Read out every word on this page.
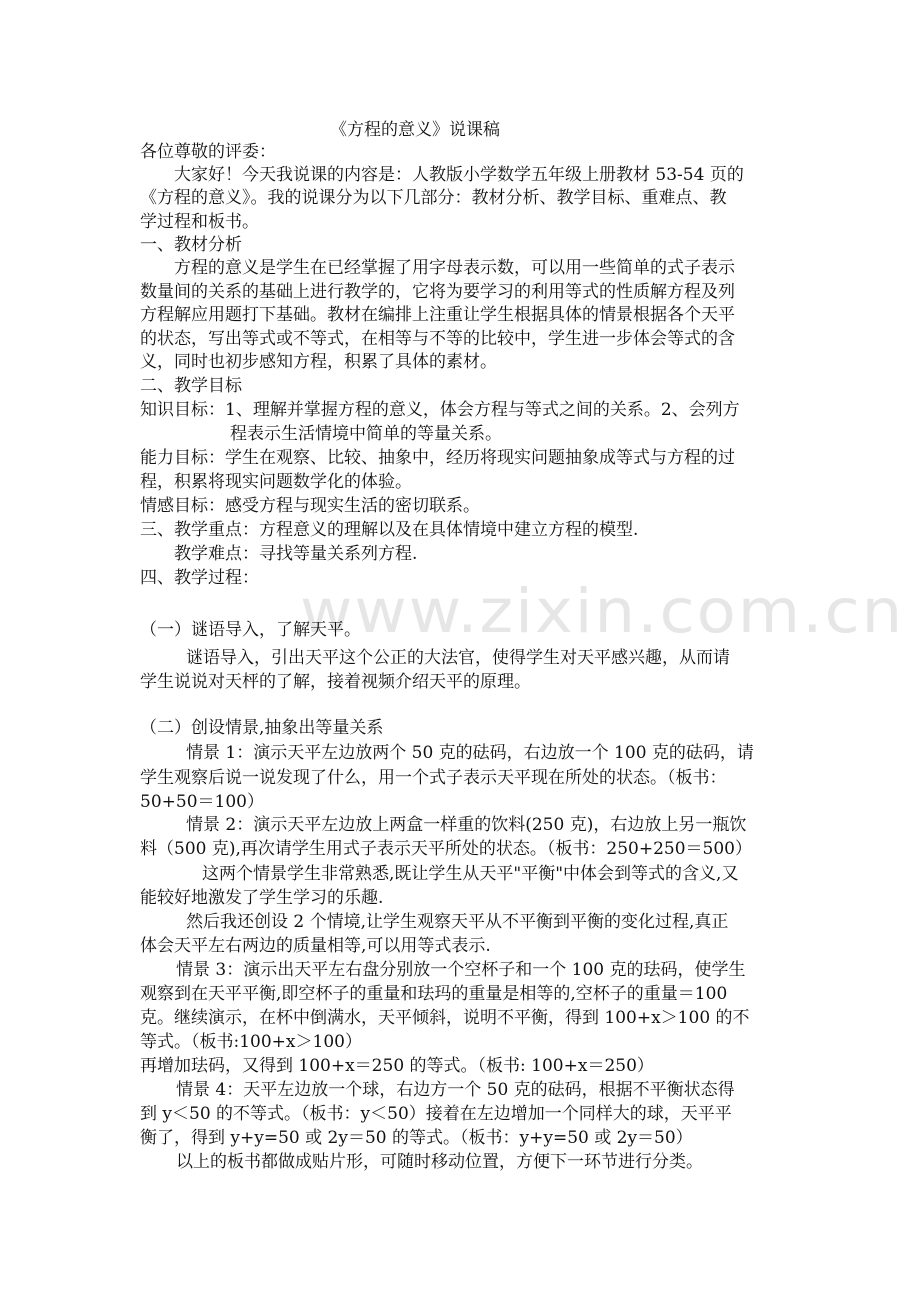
www.zixin.com.cn
《方程的意义》说课稿
各位尊敬的评委：
大家好！今天我说课的内容是：人教版小学数学五年级上册教材 53-54 页的
《方程的意义》。我的说课分为以下几部分：教材分析、教学目标、重难点、教
学过程和板书。
一、教材分析
方程的意义是学生在已经掌握了用字母表示数，可以用一些简单的式子表示
数量间的关系的基础上进行教学的，它将为要学习的利用等式的性质解方程及列
方程解应用题打下基础。教材在编排上注重让学生根据具体的情景根据各个天平
的状态，写出等式或不等式，在相等与不等的比较中，学生进一步体会等式的含
义，同时也初步感知方程，积累了具体的素材。
二、教学目标
知识目标：1、理解并掌握方程的意义，体会方程与等式之间的关系。2、会列方
程表示生活情境中简单的等量关系。
能力目标：学生在观察、比较、抽象中，经历将现实问题抽象成等式与方程的过
程，积累将现实问题数学化的体验。
情感目标：感受方程与现实生活的密切联系。
三、教学重点：方程意义的理解以及在具体情境中建立方程的模型.
教学难点：寻找等量关系列方程.
四、教学过程：
（一）谜语导入，了解天平。
谜语导入，引出天平这个公正的大法官，使得学生对天平感兴趣，从而请
学生说说对天枰的了解，接着视频介绍天平的原理。
（二）创设情景,抽象出等量关系
情景 1：演示天平左边放两个 50 克的砝码，右边放一个 100 克的砝码，请
学生观察后说一说发现了什么，用一个式子表示天平现在所处的状态。（板书：
50+50＝100）
情景 2：演示天平左边放上两盒一样重的饮料(250 克)，右边放上另一瓶饮
料（500 克),再次请学生用式子表示天平所处的状态。（板书：250+250＝500）
这两个情景学生非常熟悉,既让学生从天平"平衡"中体会到等式的含义,又
能较好地激发了学生学习的乐趣.
然后我还创设 2 个情境,让学生观察天平从不平衡到平衡的变化过程,真正
体会天平左右两边的质量相等,可以用等式表示.
情景 3：演示出天平左右盘分别放一个空杯子和一个 100 克的珐码，使学生
观察到在天平平衡,即空杯子的重量和珐玛的重量是相等的,空杯子的重量＝100
克。继续演示，在杯中倒满水，天平倾斜，说明不平衡，得到 100+x＞100 的不
等式。（板书:100+x＞100）
再增加珐码，又得到 100+x＝250 的等式。（板书: 100+x＝250）
情景 4：天平左边放一个球，右边方一个 50 克的砝码，根据不平衡状态得
到 y＜50 的不等式。（板书：y＜50）接着在左边增加一个同样大的球，天平平
衡了，得到 y+y=50 或 2y＝50 的等式。（板书：y+y=50 或 2y＝50）
以上的板书都做成贴片形，可随时移动位置，方便下一环节进行分类。
